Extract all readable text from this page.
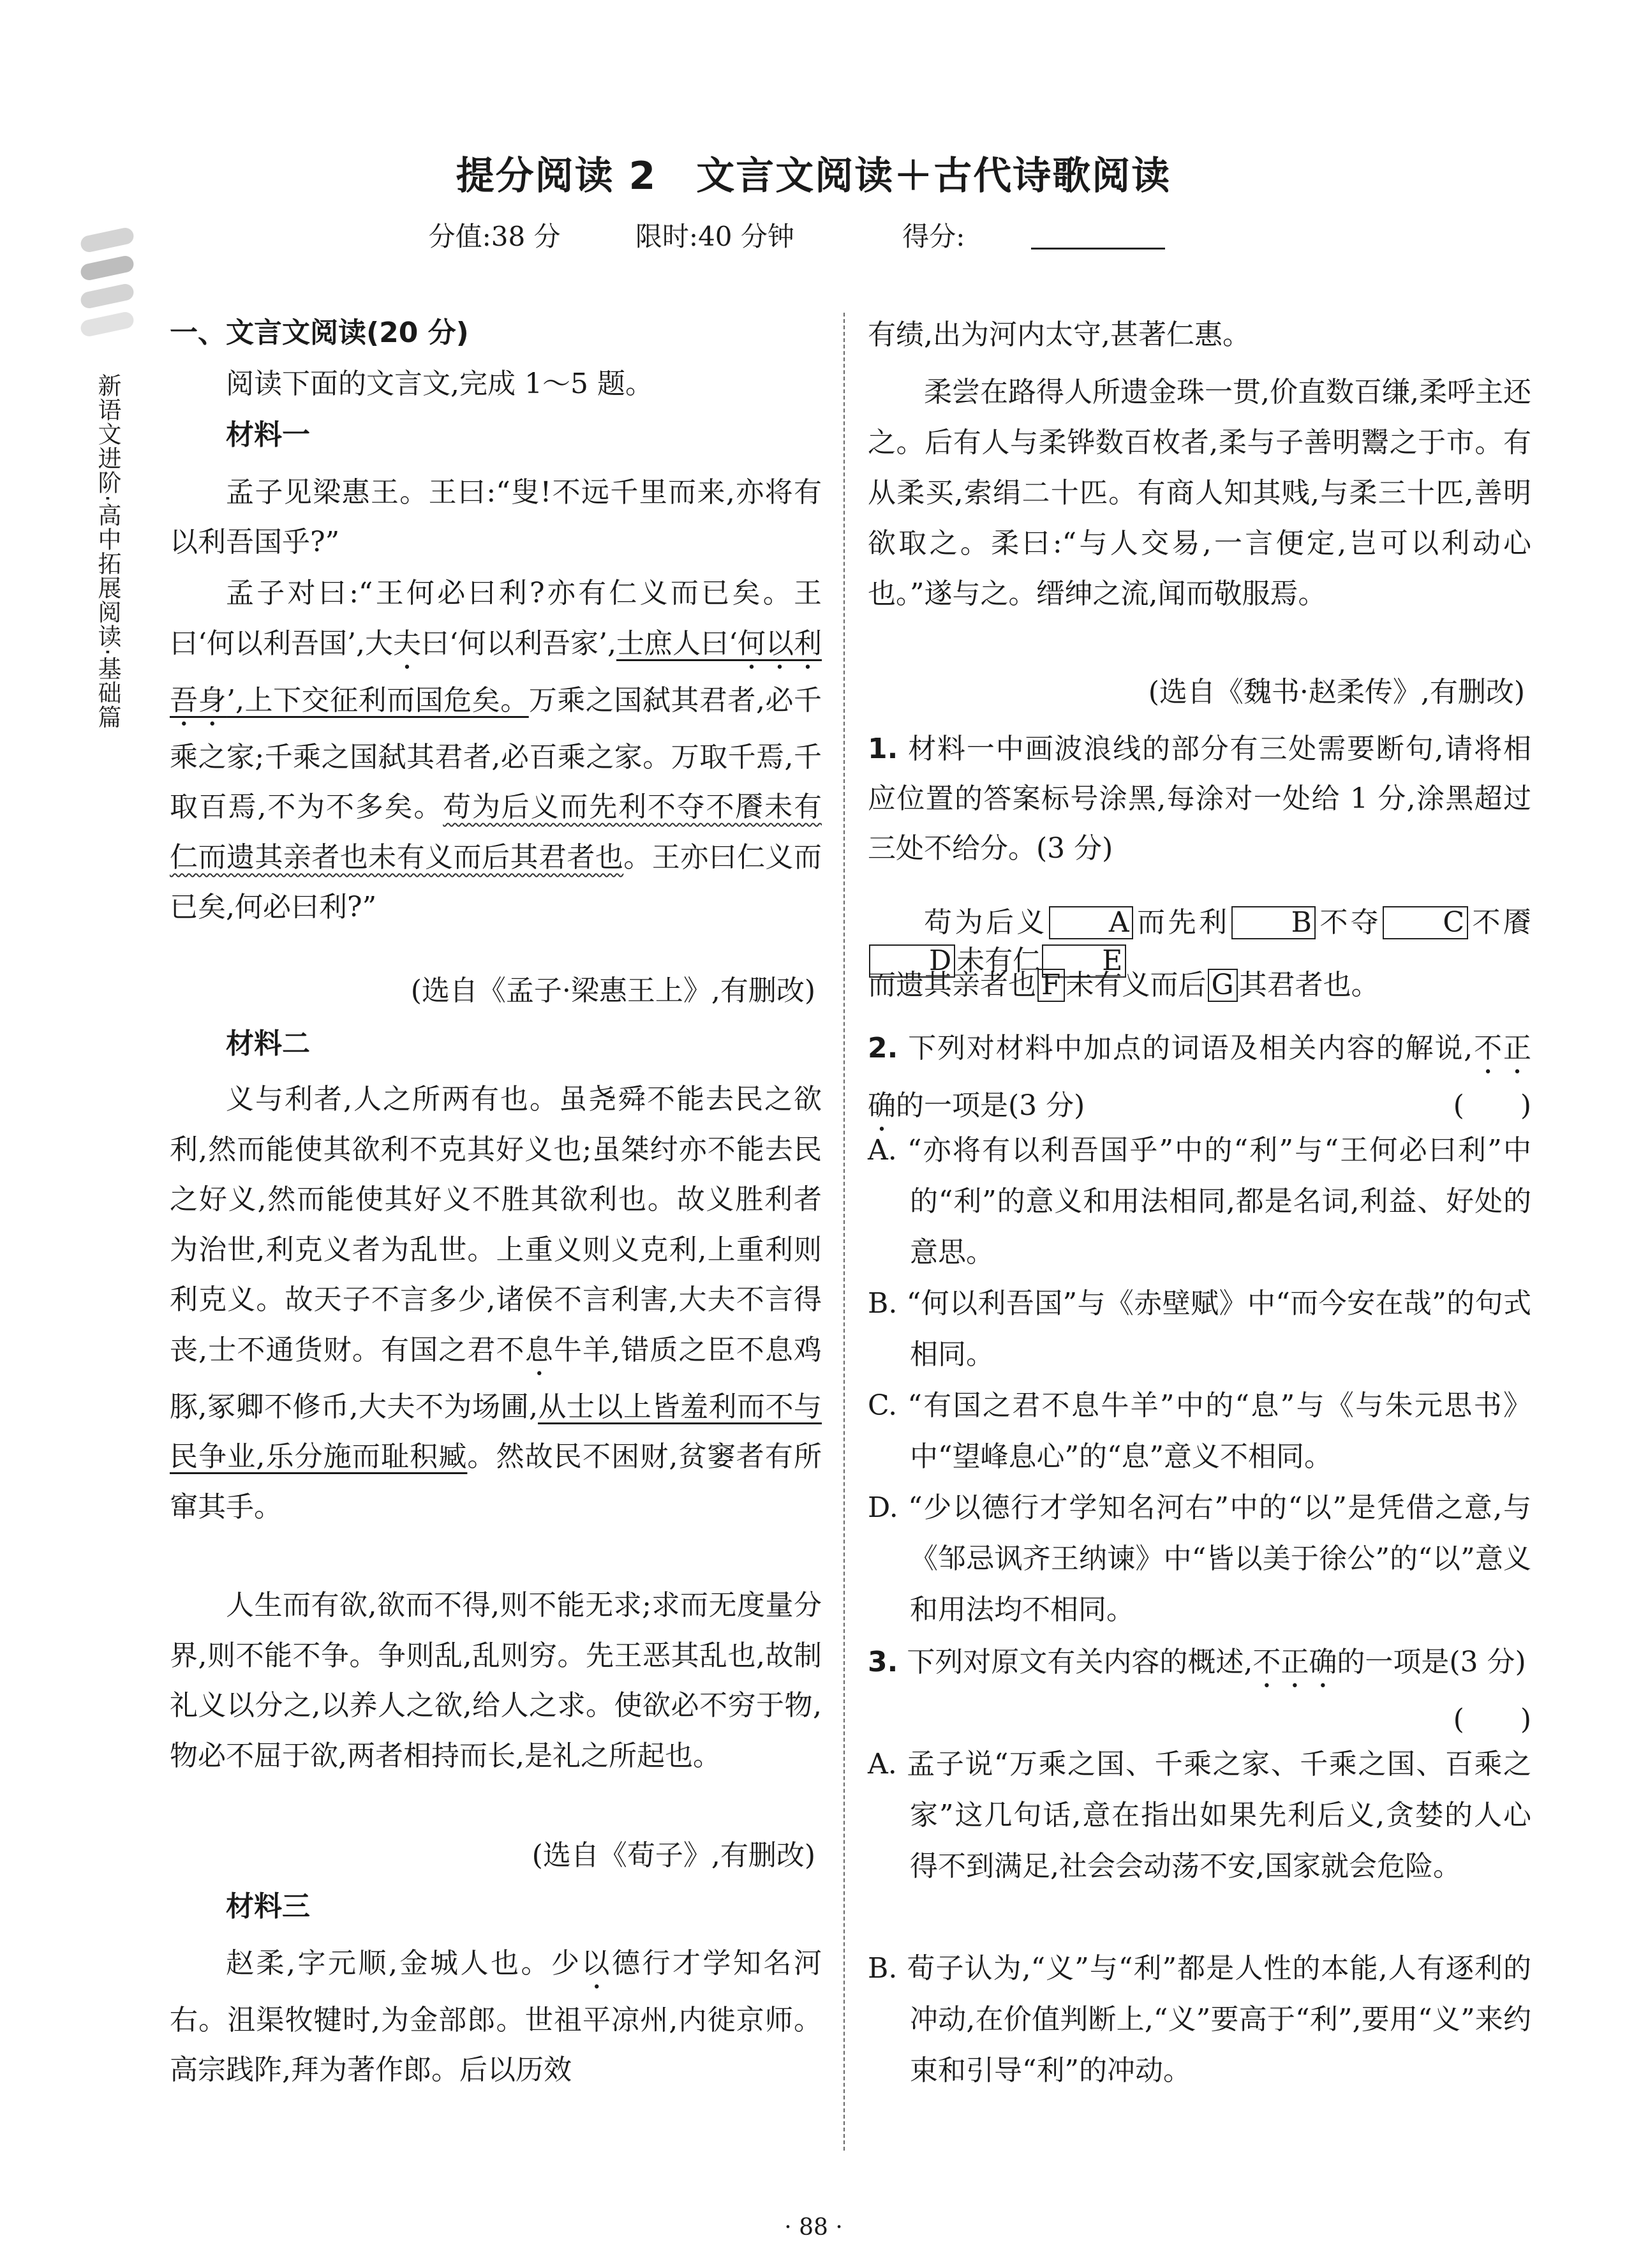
提分阅读 2　文言文阅读＋古代诗歌阅读
分值:38 分	限时:40 分钟	得分:
新语文进阶·高中拓展阅读·基础篇
一、文言文阅读(20 分)
阅读下面的文言文,完成 1～5 题。
材料一
孟子见梁惠王。王曰:“叟!不远千里而来,亦将有以利吾国乎?”
孟子对曰:“王何必曰利?亦有仁义而已矣。王曰‘何以利吾国’,大夫曰‘何以利吾家’,士庶人曰‘何以利吾身’,上下交征利而国危矣。万乘之国弑其君者,必千乘之家;千乘之国弑其君者,必百乘之家。万取千焉,千取百焉,不为不多矣。苟为后义而先利不夺不餍未有仁而遗其亲者也未有义而后其君者也。王亦曰仁义而已矣,何必曰利?”
(选自《孟子·梁惠王上》,有删改)
材料二
义与利者,人之所两有也。虽尧舜不能去民之欲利,然而能使其欲利不克其好义也;虽桀纣亦不能去民之好义,然而能使其好义不胜其欲利也。故义胜利者为治世,利克义者为乱世。上重义则义克利,上重利则利克义。故天子不言多少,诸侯不言利害,大夫不言得丧,士不通货财。有国之君不息牛羊,错质之臣不息鸡豚,冢卿不修币,大夫不为场圃,从士以上皆羞利而不与民争业,乐分施而耻积臧。然故民不困财,贫窭者有所窜其手。
人生而有欲,欲而不得,则不能无求;求而无度量分界,则不能不争。争则乱,乱则穷。先王恶其乱也,故制礼义以分之,以养人之欲,给人之求。使欲必不穷于物,物必不屈于欲,两者相持而长,是礼之所起也。
(选自《荀子》,有删改)
材料三
赵柔,字元顺,金城人也。少以德行才学知名河右。沮渠牧犍时,为金部郎。世祖平凉州,内徙京师。高宗践阼,拜为著作郎。后以历效
有绩,出为河内太守,甚著仁惠。
柔尝在路得人所遗金珠一贯,价直数百缣,柔呼主还之。后有人与柔铧数百枚者,柔与子善明鬻之于市。有从柔买,索绢二十匹。有商人知其贱,与柔三十匹,善明欲取之。柔曰:“与人交易,一言便定,岂可以利动心也。”遂与之。缙绅之流,闻而敬服焉。
(选自《魏书·赵柔传》,有删改)
1. 材料一中画波浪线的部分有三处需要断句,请将相应位置的答案标号涂黑,每涂对一处给 1 分,涂黑超过三处不给分。(3 分)
苟为后义 A 而先利 B 不夺 C 不餍D 未有仁 E
而遗其亲者也 F 未有义而后 G 其君者也。
2. 下列对材料中加点的词语及相关内容的解说,不正确的一项是(3 分)	(　　)
A. “亦将有以利吾国乎”中的“利”与“王何必曰利”中的“利”的意义和用法相同,都是名词,利益、好处的意思。
B. “何以利吾国”与《赤壁赋》中“而今安在哉”的句式相同。
C. “有国之君不息牛羊”中的“息”与《与朱元思书》中“望峰息心”的“息”意义不相同。
D. “少以德行才学知名河右”中的“以”是凭借之意,与《邹忌讽齐王纳谏》中“皆以美于徐公”的“以”意义和用法均不相同。
3. 下列对原文有关内容的概述,不正确的一项是(3 分)
(　　)
A. 孟子说“万乘之国、千乘之家、千乘之国、百乘之家”这几句话,意在指出如果先利后义,贪婪的人心得不到满足,社会会动荡不安,国家就会危险。
B. 荀子认为,“义”与“利”都是人性的本能,人有逐利的冲动,在价值判断上,“义”要高于“利”,要用“义”来约束和引导“利”的冲动。
· 88 ·
